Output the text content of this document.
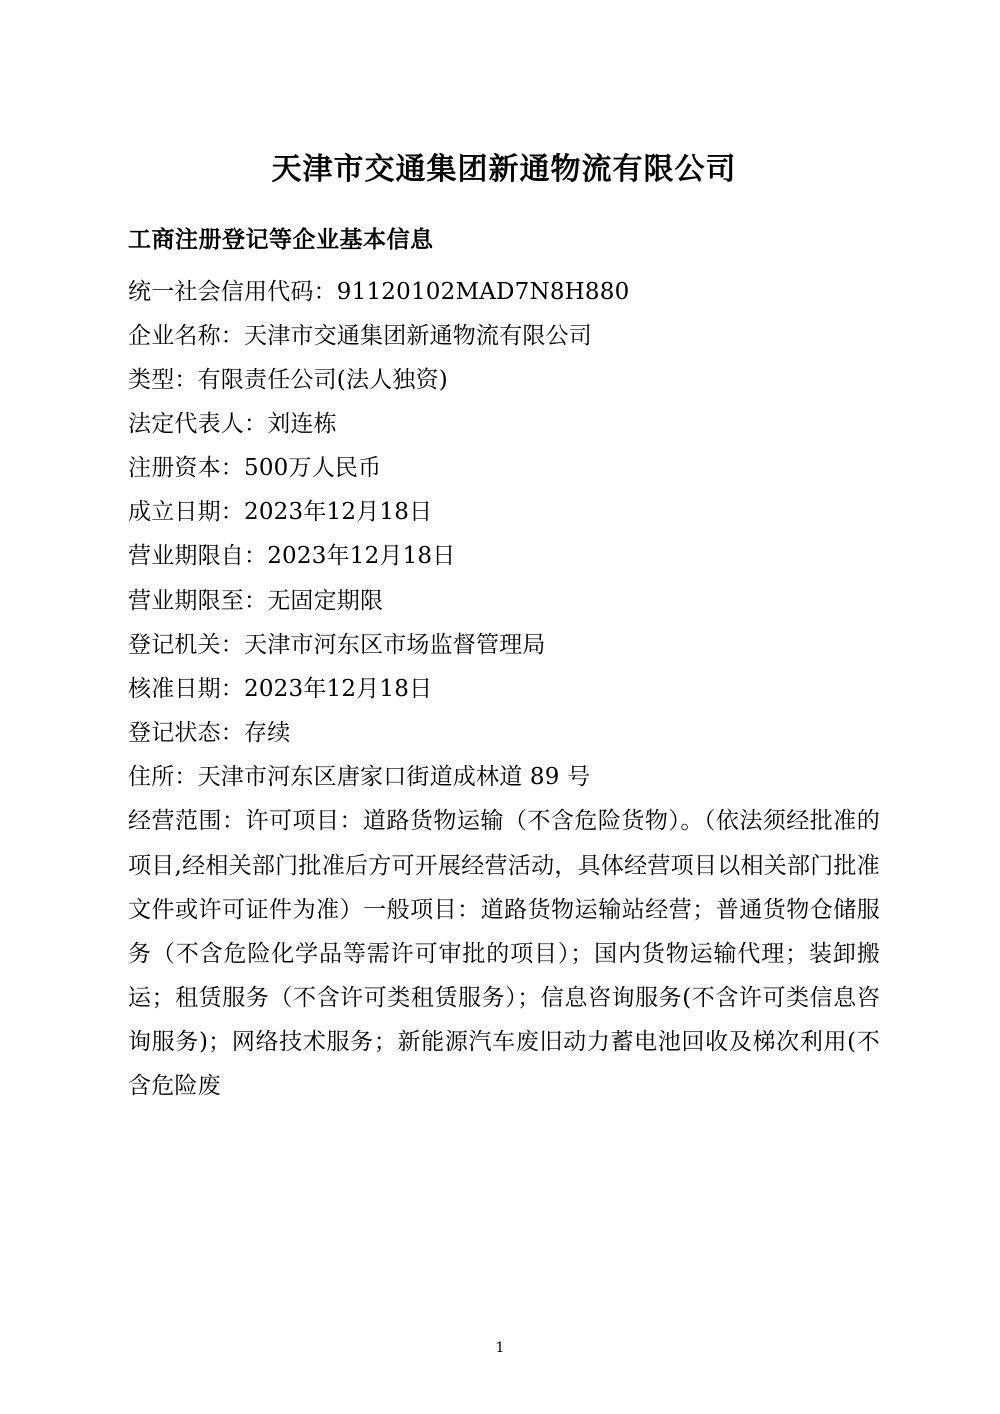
天津市交通集团新通物流有限公司
工商注册登记等企业基本信息
统一社会信用代码：91120102MAD7N8H880
企业名称：天津市交通集团新通物流有限公司
类型：有限责任公司(法人独资)
法定代表人：刘连栋
注册资本：500万人民币
成立日期：2023年12月18日
营业期限自：2023年12月18日
营业期限至：无固定期限
登记机关：天津市河东区市场监督管理局
核准日期：2023年12月18日
登记状态：存续
住所：天津市河东区唐家口街道成林道 89 号

经营范围：许可项目：道路货物运输（不含危险货物）。（依法须经批准的项目,经相关部门批准后方可开展经营活动，具体经营项目以相关部门批准文件或许可证件为准）一般项目：道路货物运输站经营；普通货物仓储服务（不含危险化学品等需许可审批的项目）；国内货物运输代理；装卸搬运；租赁服务（不含许可类租赁服务）；信息咨询服务(不含许可类信息咨询服务)；网络技术服务；新能源汽车废旧动力蓄电池回收及梯次利用(不含危险废

1
